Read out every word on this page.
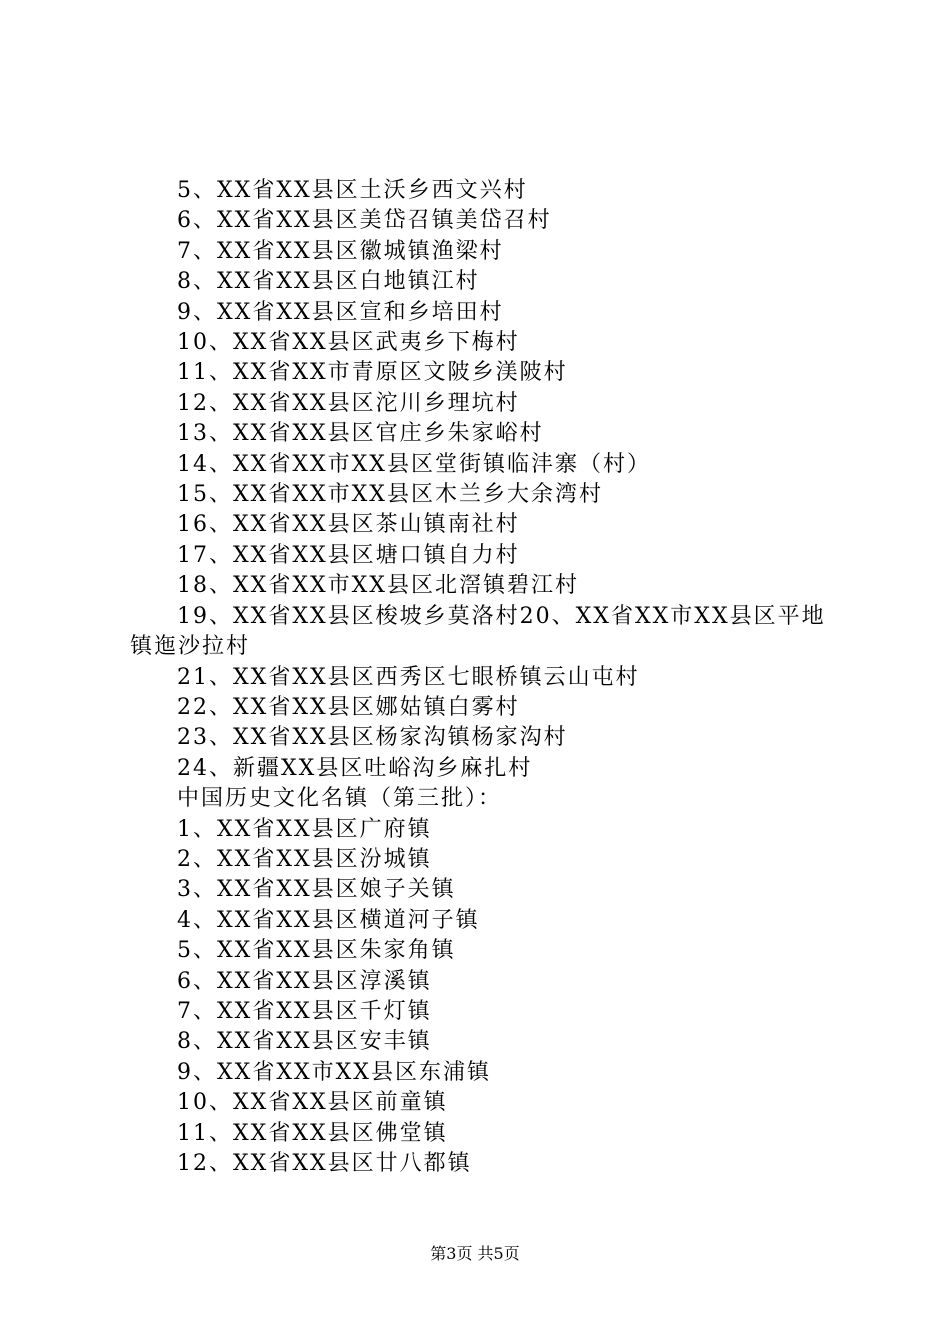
5、XX省XX县区土沃乡西文兴村

6、XX省XX县区美岱召镇美岱召村

7、XX省XX县区徽城镇渔梁村

8、XX省XX县区白地镇江村

9、XX省XX县区宣和乡培田村

10、XX省XX县区武夷乡下梅村

11、XX省XX市青原区文陂乡渼陂村

12、XX省XX县区沱川乡理坑村

13、XX省XX县区官庄乡朱家峪村

14、XX省XX市XX县区堂街镇临沣寨（村）

15、XX省XX市XX县区木兰乡大余湾村

16、XX省XX县区茶山镇南社村

17、XX省XX县区塘口镇自力村

18、XX省XX市XX县区北滘镇碧江村

19、XX省XX县区梭坡乡莫洛村20、XX省XX市XX县区平地镇迤沙拉村

21、XX省XX县区西秀区七眼桥镇云山屯村

22、XX省XX县区娜姑镇白雾村

23、XX省XX县区杨家沟镇杨家沟村

24、新疆XX县区吐峪沟乡麻扎村

中国历史文化名镇（第三批）：

1、XX省XX县区广府镇

2、XX省XX县区汾城镇

3、XX省XX县区娘子关镇

4、XX省XX县区横道河子镇

5、XX省XX县区朱家角镇

6、XX省XX县区淳溪镇

7、XX省XX县区千灯镇

8、XX省XX县区安丰镇

9、XX省XX市XX县区东浦镇

10、XX省XX县区前童镇

11、XX省XX县区佛堂镇

12、XX省XX县区廿八都镇

第3页 共5页
